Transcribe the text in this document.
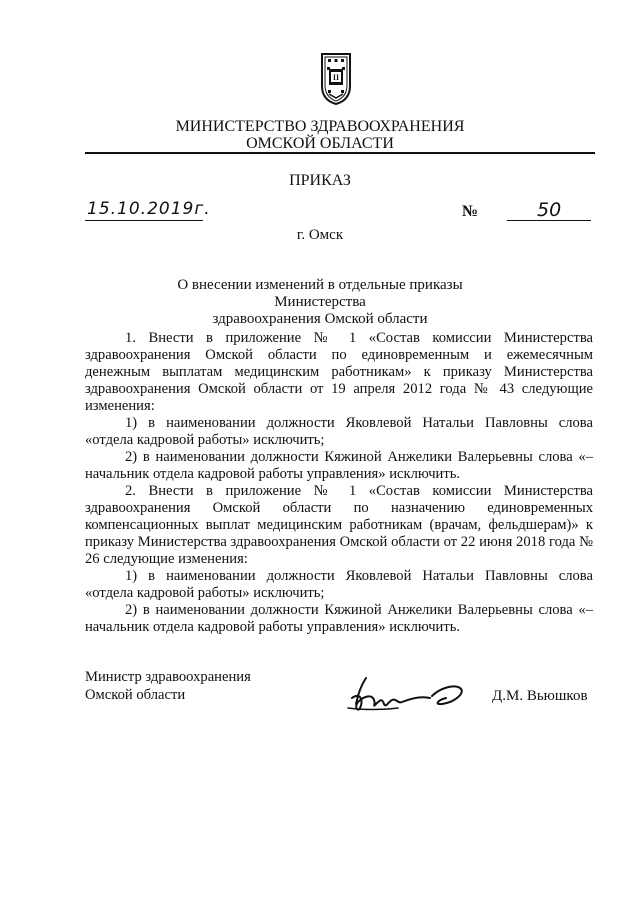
II
МИНИСТЕРСТВО ЗДРАВООХРАНЕНИЯ
ОМСКОЙ ОБЛАСТИ
ПРИКАЗ
15.10.2019г.	№	50
г. Омск
О внесении изменений в отдельные приказы Министерства
здравоохранения Омской области
1. Внести в приложение № 1 «Состав комиссии Министерства здравоохранения Омской области по единовременным и ежемесячным денежным выплатам медицинским работникам» к приказу Министерства здравоохранения Омской области от 19 апреля 2012 года № 43 следующие изменения:
1) в наименовании должности Яковлевой Натальи Павловны слова «отдела кадровой работы» исключить;
2) в наименовании должности Кяжиной Анжелики Валерьевны слова «– начальник отдела кадровой работы управления» исключить.
2. Внести в приложение № 1 «Состав комиссии Министерства здравоохранения Омской области по назначению единовременных компенсационных выплат медицинским работникам (врачам, фельдшерам)» к приказу Министерства здравоохранения Омской области от 22 июня 2018 года № 26 следующие изменения:
1) в наименовании должности Яковлевой Натальи Павловны слова «отдела кадровой работы» исключить;
2) в наименовании должности Кяжиной Анжелики Валерьевны слова «– начальник отдела кадровой работы управления» исключить.
Министр здравоохранения
Омской области	Д.М. Вьюшков
